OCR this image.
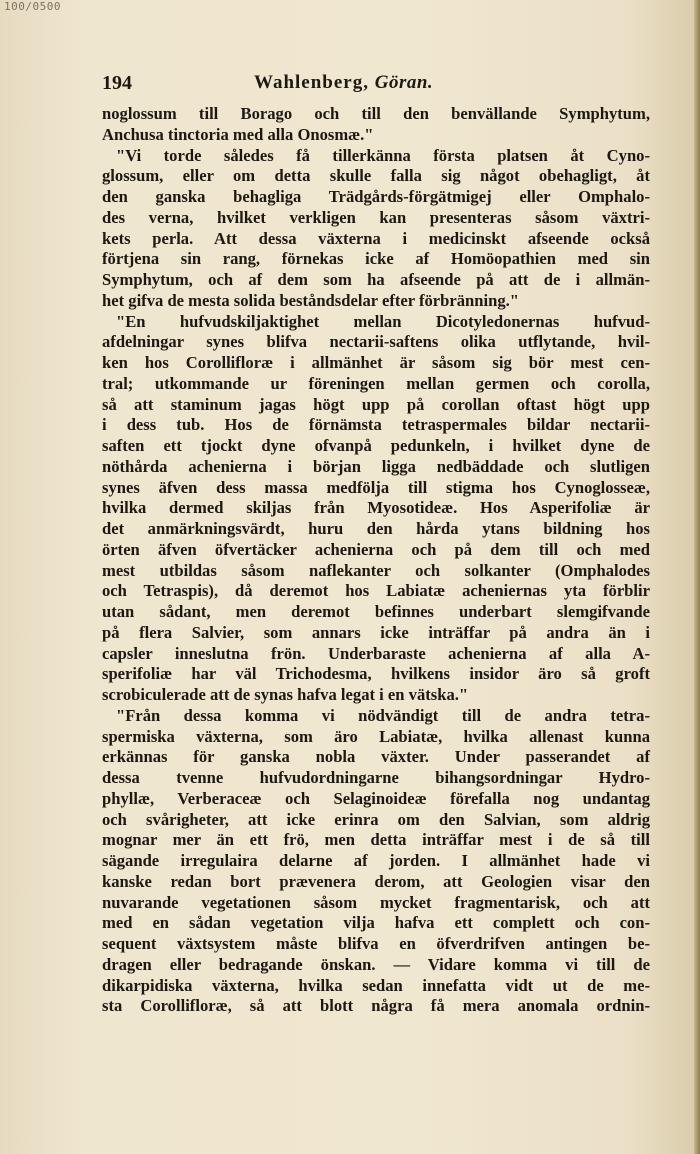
100/0500
194	Wahlenberg, Göran.
noglossum till Borago och till den benvällande Symphytum,
Anchusa tinctoria med alla Onosmæ."
"Vi torde således få tillerkänna första platsen åt Cyno-
glossum, eller om detta skulle falla sig något obehagligt, åt
den ganska behagliga Trädgårds-förgätmigej eller Omphalo-
des verna, hvilket verkligen kan presenteras såsom växtri-
kets perla. Att dessa växterna i medicinskt afseende också
förtjena sin rang, förnekas icke af Homöopathien med sin
Symphytum, och af dem som ha afseende på att de i allmän-
het gifva de mesta solida beståndsdelar efter förbränning."
"En hufvudskiljaktighet mellan Dicotyledonernas hufvud-
afdelningar synes blifva nectarii-saftens olika utflytande, hvil-
ken hos Corollifloræ i allmänhet är såsom sig bör mest cen-
tral; utkommande ur föreningen mellan germen och corolla,
så att staminum jagas högt upp på corollan oftast högt upp
i dess tub. Hos de förnämsta tetraspermales bildar nectarii-
saften ett tjockt dyne ofvanpå pedunkeln, i hvilket dyne de
nöthårda achenierna i början ligga nedbäddade och slutligen
synes äfven dess massa medfölja till stigma hos Cynoglosseæ,
hvilka dermed skiljas från Myosotideæ. Hos Asperifoliæ är
det anmärkningsvärdt, huru den hårda ytans bildning hos
örten äfven öfvertäcker achenierna och på dem till och med
mest utbildas såsom naflekanter och solkanter (Omphalodes
och Tetraspis), då deremot hos Labiatæ acheniernas yta förblir
utan sådant, men deremot befinnes underbart slemgifvande
på flera Salvier, som annars icke inträffar på andra än i
capsler inneslutna frön. Underbaraste achenierna af alla A-
sperifoliæ har väl Trichodesma, hvilkens insidor äro så groft
scrobiculerade att de synas hafva legat i en vätska."
"Från dessa komma vi nödvändigt till de andra tetra-
spermiska växterna, som äro Labiatæ, hvilka allenast kunna
erkännas för ganska nobla växter. Under passerandet af
dessa tvenne hufvudordningarne bihangsordningar Hydro-
phyllæ, Verberaceæ och Selaginoideæ förefalla nog undantag
och svårigheter, att icke erinra om den Salvian, som aldrig
mognar mer än ett frö, men detta inträffar mest i de så till
sägande irregulaira delarne af jorden. I allmänhet hade vi
kanske redan bort prævenera derom, att Geologien visar den
nuvarande vegetationen såsom mycket fragmentarisk, och att
med en sådan vegetation vilja hafva ett complett och con-
sequent växtsystem måste blifva en öfverdrifven antingen be-
dragen eller bedragande önskan. — Vidare komma vi till de
dikarpidiska växterna, hvilka sedan innefatta vidt ut de me-
sta Corollifloræ, så att blott några få mera anomala ordnin-
